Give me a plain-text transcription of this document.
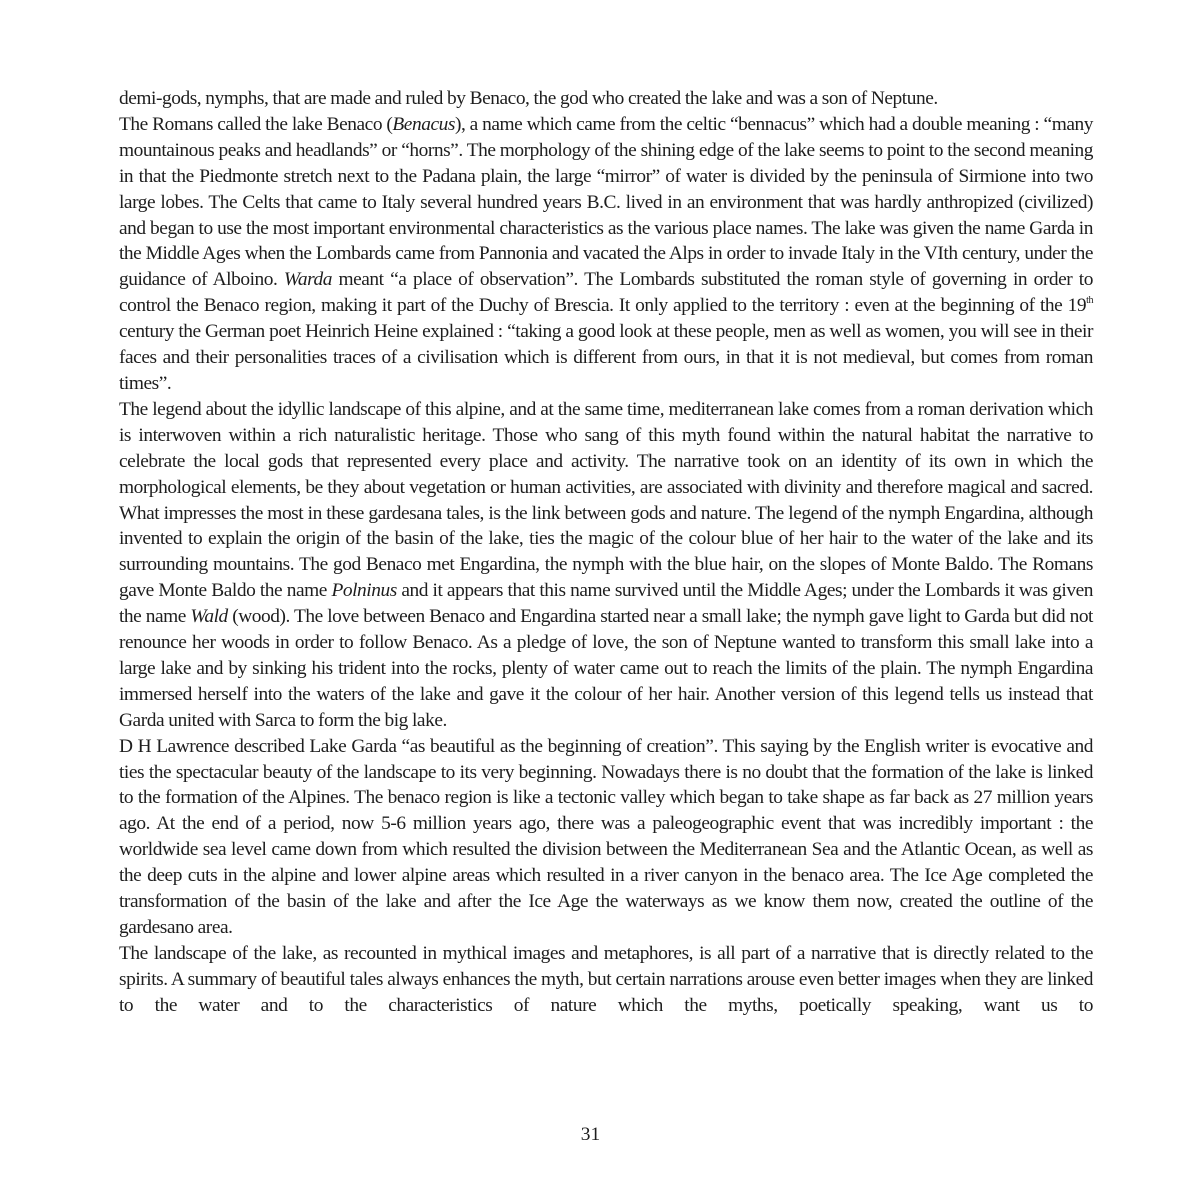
demi-gods, nymphs, that are made and ruled by Benaco, the god who created the lake and was a son of Neptune.

The Romans called the lake Benaco (Benacus), a name which came from the celtic “bennacus” which had a double meaning : “many mountainous peaks and headlands” or “horns”. The morphology of the shining edge of the lake seems to point to the second meaning in that the Piedmonte stretch next to the Padana plain, the large “mirror” of water is divided by the peninsula of Sirmione into two large lobes. The Celts that came to Italy several hundred years B.C. lived in an environment that was hardly anthropized (civilized) and began to use the most important environmental characteristics as the various place names. The lake was given the name Garda in the Middle Ages when the Lombards came from Pannonia and vacated the Alps in order to invade Italy in the VIth century, under the guidance of Alboino. Warda meant “a place of observation”. The Lombards substituted the roman style of governing in order to control the Benaco region, making it part of the Duchy of Brescia. It only applied to the territory : even at the beginning of the 19th century the German poet Heinrich Heine explained : “taking a good look at these people, men as well as women, you will see in their faces and their personalities traces of a civilisation which is different from ours, in that it is not medieval, but comes from roman times”.

The legend about the idyllic landscape of this alpine, and at the same time, mediterranean lake comes from a roman derivation which is interwoven within a rich naturalistic heritage. Those who sang of this myth found within the natural habitat the narrative to celebrate the local gods that represented every place and activity. The narrative took on an identity of its own in which the morphological elements, be they about vegetation or human activities, are associated with divinity and therefore magical and sacred. What impresses the most in these gardesana tales, is the link between gods and nature. The legend of the nymph Engardina, although invented to explain the origin of the basin of the lake, ties the magic of the colour blue of her hair to the water of the lake and its surrounding mountains. The god Benaco met Engardina, the nymph with the blue hair, on the slopes of Monte Baldo. The Romans gave Monte Baldo the name Polninus and it appears that this name survived until the Middle Ages; under the Lombards it was given the name Wald (wood). The love between Benaco and Engardina started near a small lake; the nymph gave light to Garda but did not renounce her woods in order to follow Benaco. As a pledge of love, the son of Neptune wanted to transform this small lake into a large lake and by sinking his trident into the rocks, plenty of water came out to reach the limits of the plain. The nymph Engardina immersed herself into the waters of the lake and gave it the colour of her hair. Another version of this legend tells us instead that Garda united with Sarca to form the big lake.

D H Lawrence described Lake Garda “as beautiful as the beginning of creation”. This saying by the English writer is evocative and ties the spectacular beauty of the landscape to its very beginning. Nowadays there is no doubt that the formation of the lake is linked to the formation of the Alpines. The benaco region is like a tectonic valley which began to take shape as far back as 27 million years ago. At the end of a period, now 5-6 million years ago, there was a paleogeographic event that was incredibly important : the worldwide sea level came down from which resulted the division between the Mediterranean Sea and the Atlantic Ocean, as well as the deep cuts in the alpine and lower alpine areas which resulted in a river canyon in the benaco area. The Ice Age completed the transformation of the basin of the lake and after the Ice Age the waterways as we know them now, created the outline of the gardesano area.

The landscape of the lake, as recounted in mythical images and metaphores, is all part of a narrative that is directly related to the spirits. A summary of beautiful tales always enhances the myth, but certain narrations arouse even better images when they are linked to the water and to the characteristics of nature which the myths, poetically speaking, want us to

31
